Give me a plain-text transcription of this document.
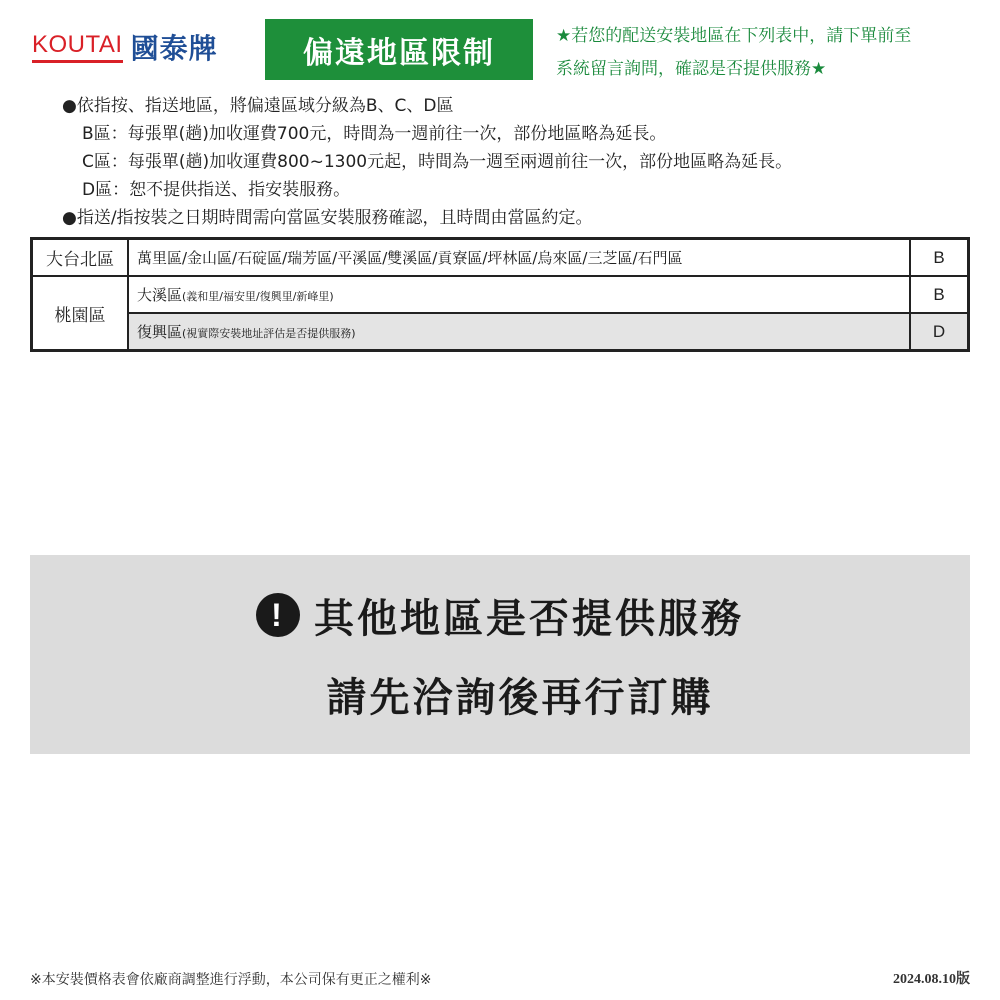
KOUTAI 國泰牌	偏遠地區限制	★若您的配送安裝地區在下列表中，請下單前至
系統留言詢問，確認是否提供服務★
●依指按、指送地區，將偏遠區域分級為B、C、D區
B區：每張單(趟)加收運費700元，時間為一週前往一次，部份地區略為延長。
C區：每張單(趟)加收運費800~1300元起，時間為一週至兩週前往一次，部份地區略為延長。
D區：恕不提供指送、指安裝服務。
●指送/指按裝之日期時間需向當區安裝服務確認，且時間由當區約定。
大台北區	萬里區/金山區/石碇區/瑞芳區/平溪區/雙溪區/貢寮區/坪林區/烏來區/三芝區/石門區	B
桃園區	大溪區(義和里/福安里/復興里/新峰里)	B
	復興區(視實際安裝地址評估是否提供服務)	D
! 其他地區是否提供服務
請先洽詢後再行訂購
※本安裝價格表會依廠商調整進行浮動，本公司保有更正之權利※	2024.08.10版
